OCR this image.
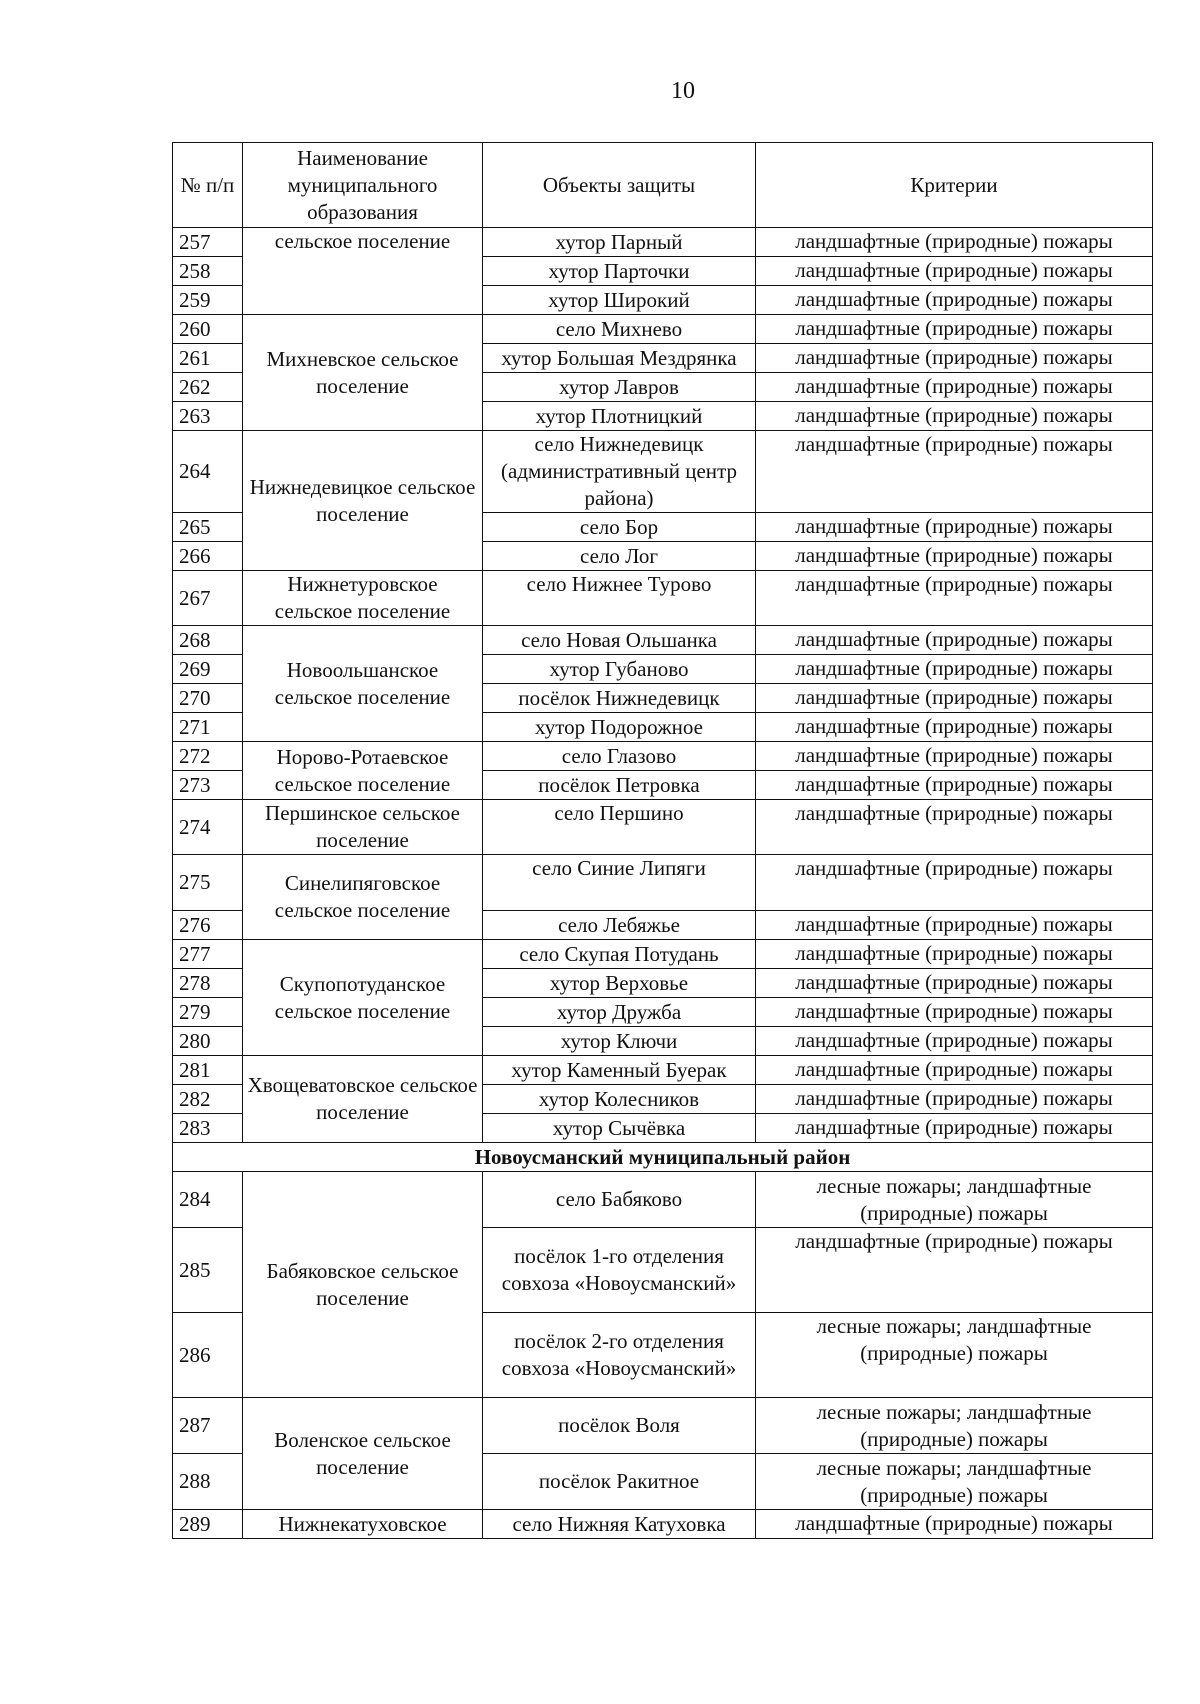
10
№ п/п	Наименование муниципального образования	Объекты защиты	Критерии
257	сельское поселение	хутор Парный	ландшафтные (природные) пожары
258		хутор Парточки	ландшафтные (природные) пожары
259		хутор Широкий	ландшафтные (природные) пожары
260	Михневское сельское поселение	село Михнево	ландшафтные (природные) пожары
261		хутор Большая Мездрянка	ландшафтные (природные) пожары
262		хутор Лавров	ландшафтные (природные) пожары
263		хутор Плотницкий	ландшафтные (природные) пожары
264	Нижнедевицкое сельское поселение	село Нижнедевицк (административный центр района)	ландшафтные (природные) пожары
265		село Бор	ландшафтные (природные) пожары
266		село Лог	ландшафтные (природные) пожары
267	Нижнетуровское сельское поселение	село Нижнее Турово	ландшафтные (природные) пожары
268	Новоольшанское сельское поселение	село Новая Ольшанка	ландшафтные (природные) пожары
269		хутор Губаново	ландшафтные (природные) пожары
270		посёлок Нижнедевицк	ландшафтные (природные) пожары
271		хутор Подорожное	ландшафтные (природные) пожары
272	Норово-Ротаевское сельское поселение	село Глазово	ландшафтные (природные) пожары
273		посёлок Петровка	ландшафтные (природные) пожары
274	Першинское сельское поселение	село Першино	ландшафтные (природные) пожары
275	Синелипяговское сельское поселение	село Синие Липяги	ландшафтные (природные) пожары
276		село Лебяжье	ландшафтные (природные) пожары
277	Скупопотуданское сельское поселение	село Скупая Потудань	ландшафтные (природные) пожары
278		хутор Верховье	ландшафтные (природные) пожары
279		хутор Дружба	ландшафтные (природные) пожары
280		хутор Ключи	ландшафтные (природные) пожары
281	Хвощеватовское сельское поселение	хутор Каменный Буерак	ландшафтные (природные) пожары
282		хутор Колесников	ландшафтные (природные) пожары
283		хутор Сычёвка	ландшафтные (природные) пожары
Новоусманский муниципальный район			
284	Бабяковское сельское поселение	село Бабяково	лесные пожары; ландшафтные (природные) пожары
285		посёлок 1-го отделения совхоза «Новоусманский»	ландшафтные (природные) пожары
286		посёлок 2-го отделения совхоза «Новоусманский»	лесные пожары; ландшафтные (природные) пожары
287	Воленское сельское поселение	посёлок Воля	лесные пожары; ландшафтные (природные) пожары
288		посёлок Ракитное	лесные пожары; ландшафтные (природные) пожары
289	Нижнекатуховское	село Нижняя Катуховка	ландшафтные (природные) пожары
